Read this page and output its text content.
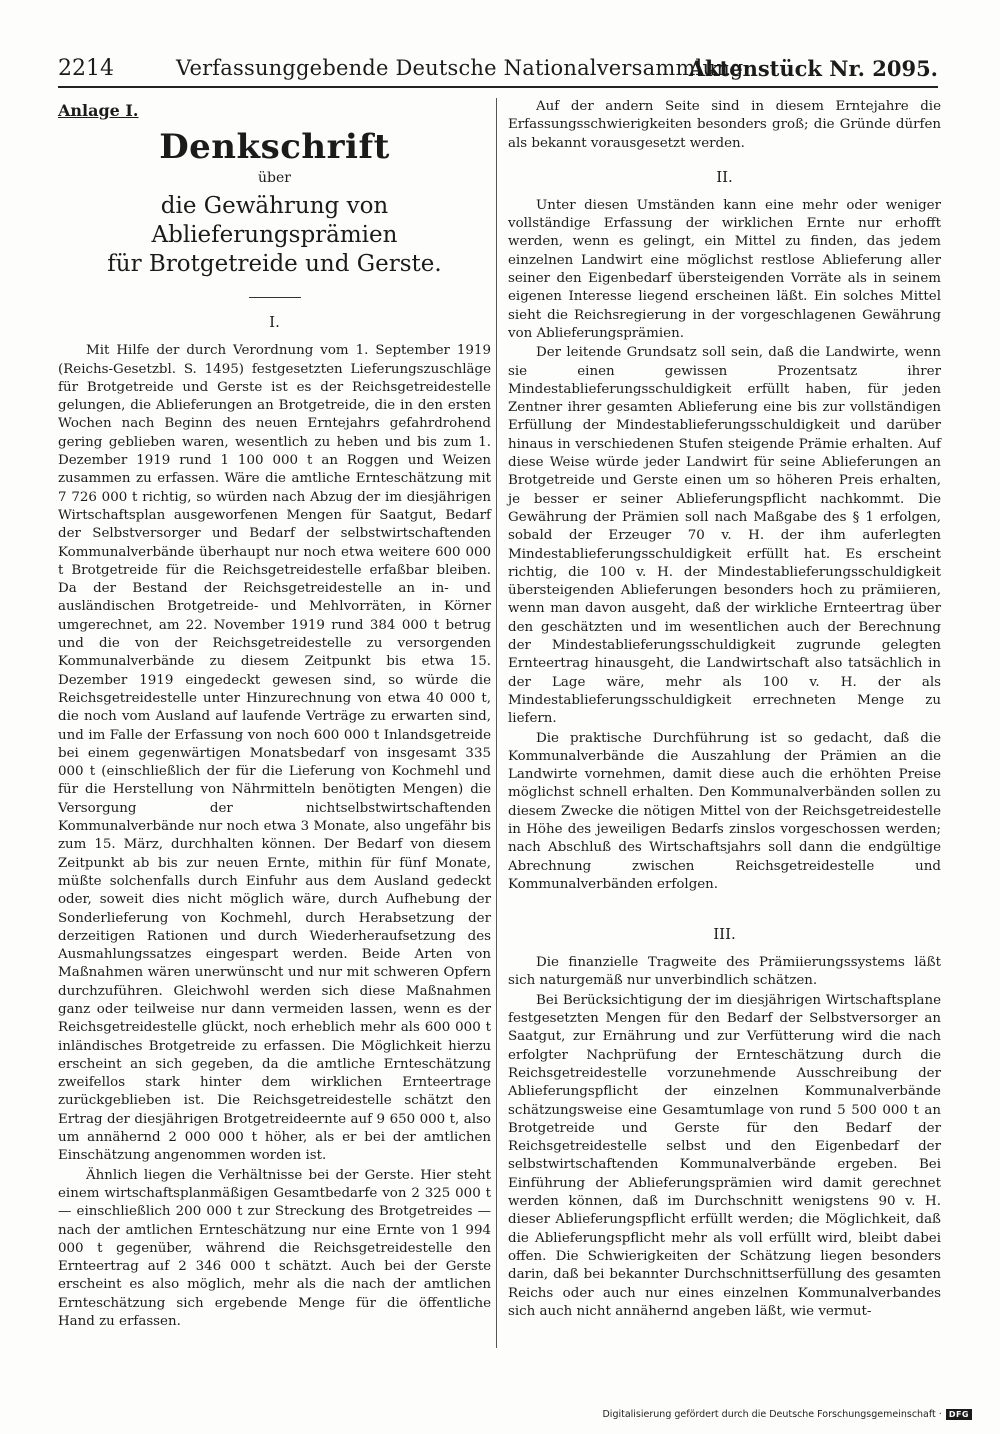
2214	Verfassunggebende Deutsche Nationalversammlung.
Aktenstück Nr. 2095.
Anlage I.
Denkschrift
über
die Gewährung von Ablieferungsprämien
für Brotgetreide und Gerste.
I.

Mit Hilfe der durch Verordnung vom 1. September 1919 (Reichs-Gesetzbl. S. 1495) festgesetzten Lieferungszuschläge für Brotgetreide und Gerste ist es der Reichsgetreidestelle gelungen, die Ablieferungen an Brotgetreide, die in den ersten Wochen nach Beginn des neuen Erntejahrs gefahrdrohend gering geblieben waren, wesentlich zu heben und bis zum 1. Dezember 1919 rund 1 100 000 t an Roggen und Weizen zusammen zu erfassen. Wäre die amtliche Ernteschätzung mit 7 726 000 t richtig, so würden nach Abzug der im diesjährigen Wirtschaftsplan ausgeworfenen Mengen für Saatgut, Bedarf der Selbstversorger und Bedarf der selbstwirtschaftenden Kommunalverbände überhaupt nur noch etwa weitere 600 000 t Brotgetreide für die Reichsgetreidestelle erfaßbar bleiben. Da der Bestand der Reichsgetreidestelle an in- und ausländischen Brotgetreide- und Mehlvorräten, in Körner umgerechnet, am 22. November 1919 rund 384 000 t betrug und die von der Reichsgetreidestelle zu versorgenden Kommunalverbände zu diesem Zeitpunkt bis etwa 15. Dezember 1919 eingedeckt gewesen sind, so würde die Reichsgetreidestelle unter Hinzurechnung von etwa 40 000 t, die noch vom Ausland auf laufende Verträge zu erwarten sind, und im Falle der Erfassung von noch 600 000 t Inlandsgetreide bei einem gegenwärtigen Monatsbedarf von insgesamt 335 000 t (einschließlich der für die Lieferung von Kochmehl und für die Herstellung von Nährmitteln benötigten Mengen) die Versorgung der nichtselbstwirtschaftenden Kommunalverbände nur noch etwa 3 Monate, also ungefähr bis zum 15. März, durchhalten können. Der Bedarf von diesem Zeitpunkt ab bis zur neuen Ernte, mithin für fünf Monate, müßte solchenfalls durch Einfuhr aus dem Ausland gedeckt oder, soweit dies nicht möglich wäre, durch Aufhebung der Sonderlieferung von Kochmehl, durch Herabsetzung der derzeitigen Rationen und durch Wiederheraufsetzung des Ausmahlungssatzes eingespart werden. Beide Arten von Maßnahmen wären unerwünscht und nur mit schweren Opfern durchzuführen. Gleichwohl werden sich diese Maßnahmen ganz oder teilweise nur dann vermeiden lassen, wenn es der Reichsgetreidestelle glückt, noch erheblich mehr als 600 000 t inländisches Brotgetreide zu erfassen. Die Möglichkeit hierzu erscheint an sich gegeben, da die amtliche Ernteschätzung zweifellos stark hinter dem wirklichen Ernteertrage zurückgeblieben ist. Die Reichsgetreidestelle schätzt den Ertrag der diesjährigen Brotgetreideernte auf 9 650 000 t, also um annähernd 2 000 000 t höher, als er bei der amtlichen Einschätzung angenommen worden ist.

Ähnlich liegen die Verhältnisse bei der Gerste. Hier steht einem wirtschaftsplanmäßigen Gesamtbedarfe von 2 325 000 t — einschließlich 200 000 t zur Streckung des Brotgetreides — nach der amtlichen Ernteschätzung nur eine Ernte von 1 994 000 t gegenüber, während die Reichsgetreidestelle den Ernteertrag auf 2 346 000 t schätzt. Auch bei der Gerste erscheint es also möglich, mehr als die nach der amtlichen Ernteschätzung sich ergebende Menge für die öffentliche Hand zu erfassen.

Auf der andern Seite sind in diesem Erntejahre die Erfassungsschwierigkeiten besonders groß; die Gründe dürfen als bekannt vorausgesetzt werden.

II.

Unter diesen Umständen kann eine mehr oder weniger vollständige Erfassung der wirklichen Ernte nur erhofft werden, wenn es gelingt, ein Mittel zu finden, das jedem einzelnen Landwirt eine möglichst restlose Ablieferung aller seiner den Eigenbedarf übersteigenden Vorräte als in seinem eigenen Interesse liegend erscheinen läßt. Ein solches Mittel sieht die Reichsregierung in der vorgeschlagenen Gewährung von Ablieferungsprämien.

Der leitende Grundsatz soll sein, daß die Landwirte, wenn sie einen gewissen Prozentsatz ihrer Mindestablieferungsschuldigkeit erfüllt haben, für jeden Zentner ihrer gesamten Ablieferung eine bis zur vollständigen Erfüllung der Mindestablieferungsschuldigkeit und darüber hinaus in verschiedenen Stufen steigende Prämie erhalten. Auf diese Weise würde jeder Landwirt für seine Ablieferungen an Brotgetreide und Gerste einen um so höheren Preis erhalten, je besser er seiner Ablieferungspflicht nachkommt. Die Gewährung der Prämien soll nach Maßgabe des § 1 erfolgen, sobald der Erzeuger 70 v. H. der ihm auferlegten Mindestablieferungsschuldigkeit erfüllt hat. Es erscheint richtig, die 100 v. H. der Mindestablieferungsschuldigkeit übersteigenden Ablieferungen besonders hoch zu prämiieren, wenn man davon ausgeht, daß der wirkliche Ernteertrag über den geschätzten und im wesentlichen auch der Berechnung der Mindestablieferungsschuldigkeit zugrunde gelegten Ernteertrag hinausgeht, die Landwirtschaft also tatsächlich in der Lage wäre, mehr als 100 v. H. der als Mindestablieferungsschuldigkeit errechneten Menge zu liefern.

Die praktische Durchführung ist so gedacht, daß die Kommunalverbände die Auszahlung der Prämien an die Landwirte vornehmen, damit diese auch die erhöhten Preise möglichst schnell erhalten. Den Kommunalverbänden sollen zu diesem Zwecke die nötigen Mittel von der Reichsgetreidestelle in Höhe des jeweiligen Bedarfs zinslos vorgeschossen werden; nach Abschluß des Wirtschaftsjahrs soll dann die endgültige Abrechnung zwischen Reichsgetreidestelle und Kommunalverbänden erfolgen.

III.

Die finanzielle Tragweite des Prämiierungssystems läßt sich naturgemäß nur unverbindlich schätzen.

Bei Berücksichtigung der im diesjährigen Wirtschaftsplane festgesetzten Mengen für den Bedarf der Selbstversorger an Saatgut, zur Ernährung und zur Verfütterung wird die nach erfolgter Nachprüfung der Ernteschätzung durch die Reichsgetreidestelle vorzunehmende Ausschreibung der Ablieferungspflicht der einzelnen Kommunalverbände schätzungsweise eine Gesamtumlage von rund 5 500 000 t an Brotgetreide und Gerste für den Bedarf der Reichsgetreidestelle selbst und den Eigenbedarf der selbstwirtschaftenden Kommunalverbände ergeben. Bei Einführung der Ablieferungsprämien wird damit gerechnet werden können, daß im Durchschnitt wenigstens 90 v. H. dieser Ablieferungspflicht erfüllt werden; die Möglichkeit, daß die Ablieferungspflicht mehr als voll erfüllt wird, bleibt dabei offen. Die Schwierigkeiten der Schätzung liegen besonders darin, daß bei bekannter Durchschnittserfüllung des gesamten Reichs oder auch nur eines einzelnen Kommunalverbandes sich auch nicht annähernd angeben läßt, wie vermut-

Digitalisierung gefördert durch die Deutsche Forschungsgemeinschaft · DFG
